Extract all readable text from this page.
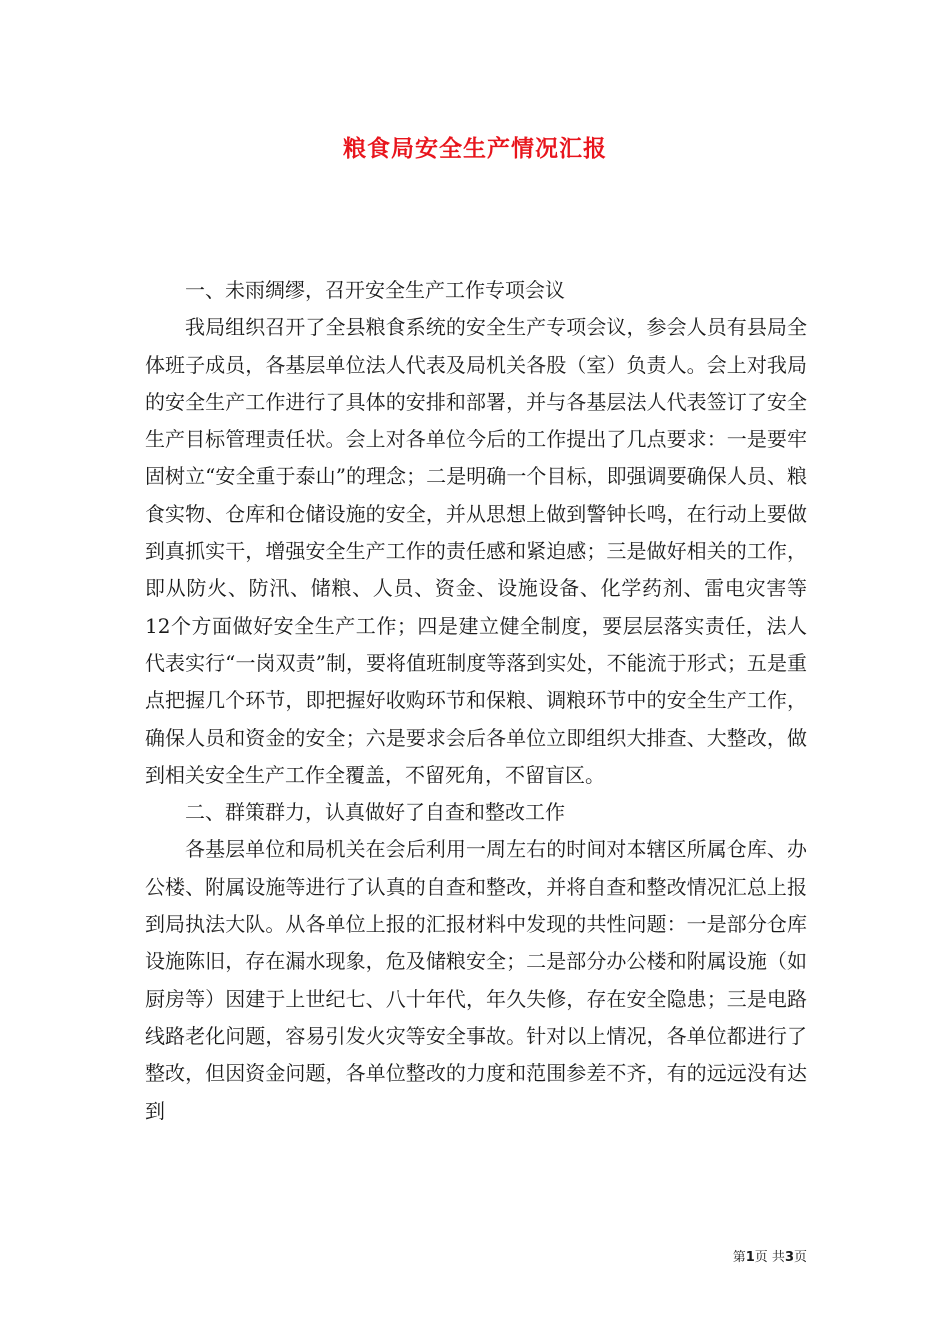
粮食局安全生产情况汇报

一、未雨绸缪，召开安全生产工作专项会议

我局组织召开了全县粮食系统的安全生产专项会议，参会人员有县局全体班子成员，各基层单位法人代表及局机关各股（室）负责人。会上对我局的安全生产工作进行了具体的安排和部署，并与各基层法人代表签订了安全生产目标管理责任状。会上对各单位今后的工作提出了几点要求：一是要牢固树立“安全重于泰山”的理念；二是明确一个目标，即强调要确保人员、粮食实物、仓库和仓储设施的安全，并从思想上做到警钟长鸣，在行动上要做到真抓实干，增强安全生产工作的责任感和紧迫感；三是做好相关的工作，即从防火、防汛、储粮、人员、资金、设施设备、化学药剂、雷电灾害等12个方面做好安全生产工作；四是建立健全制度，要层层落实责任，法人代表实行“一岗双责”制，要将值班制度等落到实处，不能流于形式；五是重点把握几个环节，即把握好收购环节和保粮、调粮环节中的安全生产工作，确保人员和资金的安全；六是要求会后各单位立即组织大排查、大整改，做到相关安全生产工作全覆盖，不留死角，不留盲区。

二、群策群力，认真做好了自查和整改工作

各基层单位和局机关在会后利用一周左右的时间对本辖区所属仓库、办公楼、附属设施等进行了认真的自查和整改，并将自查和整改情况汇总上报到局执法大队。从各单位上报的汇报材料中发现的共性问题：一是部分仓库设施陈旧，存在漏水现象，危及储粮安全；二是部分办公楼和附属设施（如厨房等）因建于上世纪七、八十年代，年久失修，存在安全隐患；三是电路线路老化问题，容易引发火灾等安全事故。针对以上情况，各单位都进行了整改，但因资金问题，各单位整改的力度和范围参差不齐，有的远远没有达到

第1页 共3页
